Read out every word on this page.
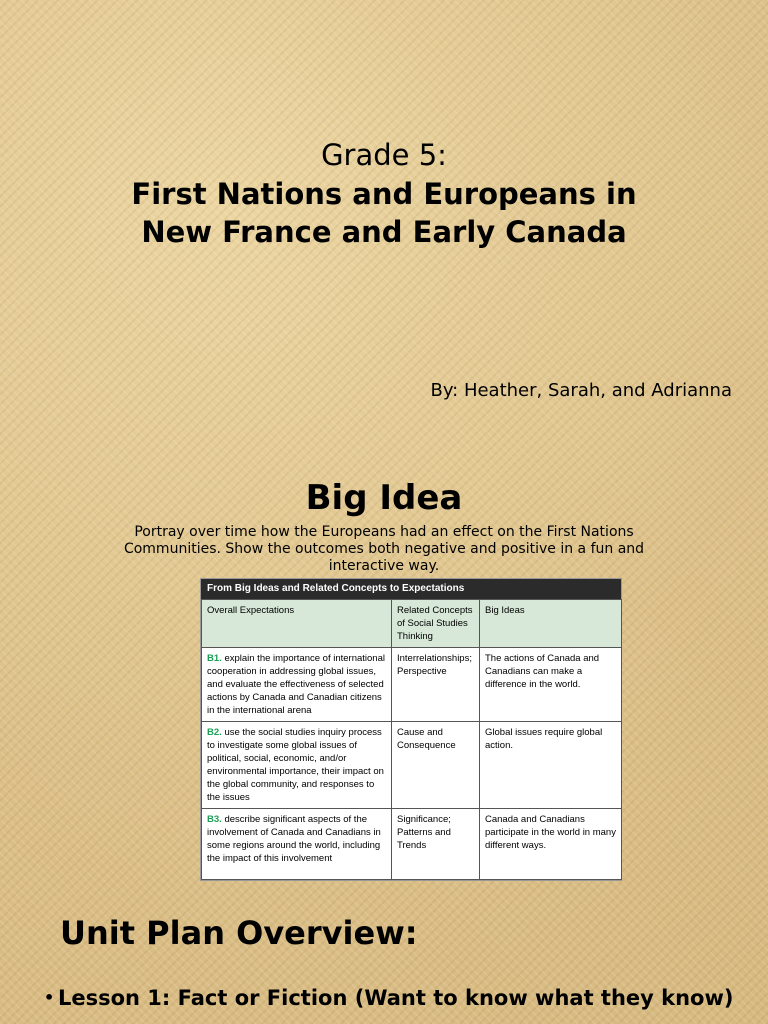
Grade 5:
First Nations and Europeans in
New France and Early Canada
By: Heather, Sarah, and Adrianna
Big Idea
Portray over time how the Europeans had an effect on the First Nations
Communities. Show the outcomes both negative and positive in a fun and
interactive way.
From Big Ideas and Related Concepts to Expectations
Overall Expectations	Related Concepts of Social Studies Thinking	Big Ideas
B1. explain the importance of international cooperation in addressing global issues, and evaluate the effectiveness of selected actions by Canada and Canadian citizens in the international arena	Interrelationships; Perspective	The actions of Canada and Canadians can make a difference in the world.
B2. use the social studies inquiry process to investigate some global issues of political, social, economic, and/or environmental importance, their impact on the global community, and responses to the issues	Cause and Consequence	Global issues require global action.
B3. describe significant aspects of the involvement of Canada and Canadians in some regions around the world, including the impact of this involvement	Significance; Patterns and Trends	Canada and Canadians participate in the world in many different ways.
Unit Plan Overview:
• Lesson 1: Fact or Fiction (Want to know what they know)
